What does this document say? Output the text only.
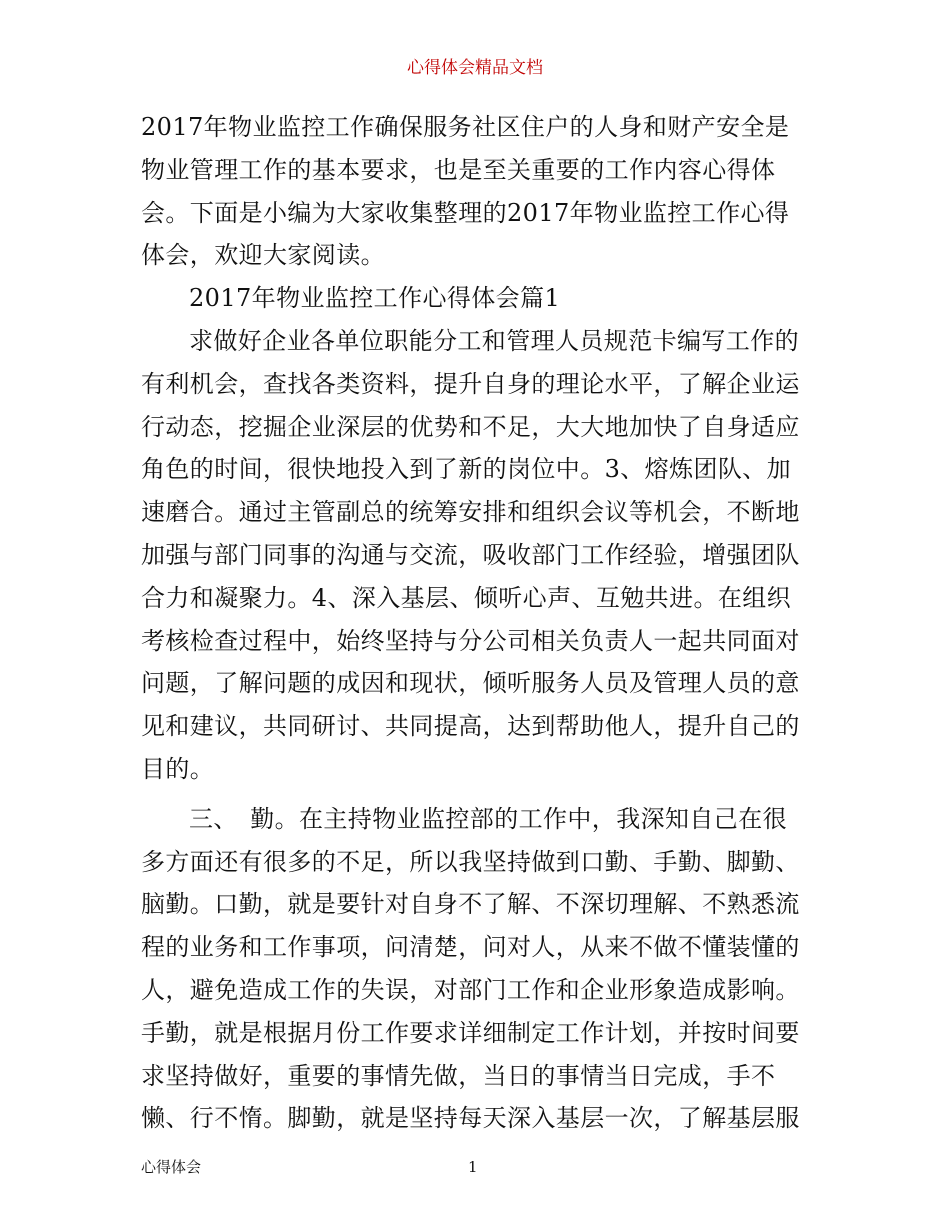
心得体会精品文档
2017年物业监控工作确保服务社区住户的人身和财产安全是
物业管理工作的基本要求，也是至关重要的工作内容心得体
会。下面是小编为大家收集整理的2017年物业监控工作心得
体会，欢迎大家阅读。
2017年物业监控工作心得体会篇1
求做好企业各单位职能分工和管理人员规范卡编写工作的
有利机会，查找各类资料，提升自身的理论水平，了解企业运
行动态，挖掘企业深层的优势和不足，大大地加快了自身适应
角色的时间，很快地投入到了新的岗位中。3、熔炼团队、加
速磨合。通过主管副总的统筹安排和组织会议等机会，不断地
加强与部门同事的沟通与交流，吸收部门工作经验，增强团队
合力和凝聚力。4、深入基层、倾听心声、互勉共进。在组织
考核检查过程中，始终坚持与分公司相关负责人一起共同面对
问题，了解问题的成因和现状，倾听服务人员及管理人员的意
见和建议，共同研讨、共同提高，达到帮助他人，提升自己的
目的。
三、　勤。在主持物业监控部的工作中，我深知自己在很
多方面还有很多的不足，所以我坚持做到口勤、手勤、脚勤、
脑勤。口勤，就是要针对自身不了解、不深切理解、不熟悉流
程的业务和工作事项，问清楚，问对人，从来不做不懂装懂的
人，避免造成工作的失误，对部门工作和企业形象造成影响。
手勤，就是根据月份工作要求详细制定工作计划，并按时间要
求坚持做好，重要的事情先做，当日的事情当日完成，手不
懒、行不惰。脚勤，就是坚持每天深入基层一次，了解基层服
心得体会	1
